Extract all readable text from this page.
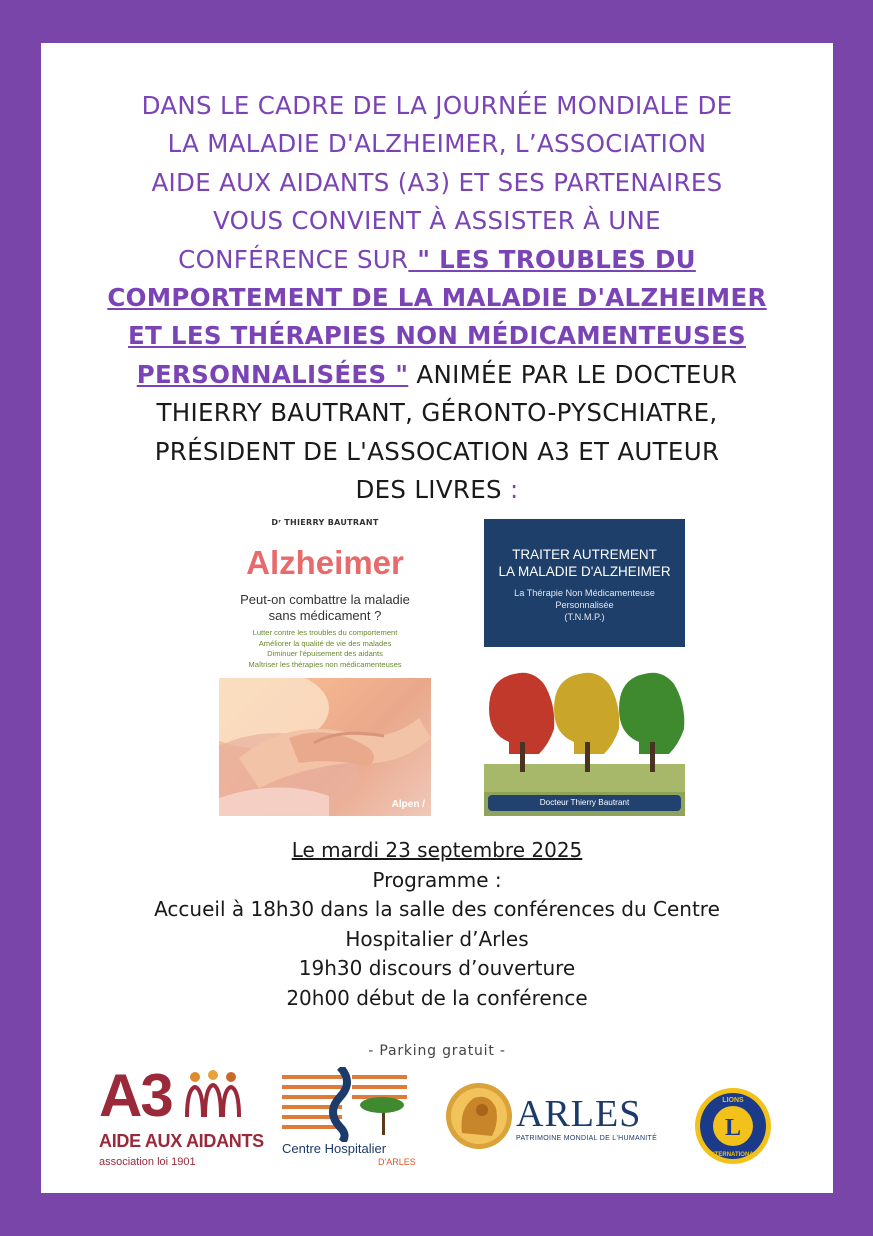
DANS LE CADRE DE LA JOURNÉE MONDIALE DE
LA MALADIE D'ALZHEIMER, L’ASSOCIATION
AIDE AUX AIDANTS (A3) ET SES PARTENAIRES
VOUS CONVIENT À ASSISTER À UNE
CONFÉRENCE SUR " LES TROUBLES DU
COMPORTEMENT DE LA MALADIE D'ALZHEIMER
ET LES THÉRAPIES NON MÉDICAMENTEUSES
PERSONNALISÉES " ANIMÉE PAR LE DOCTEUR
THIERRY BAUTRANT, GÉRONTO-PYSCHIATRE,
PRÉSIDENT DE L'ASSOCATION A3 ET AUTEUR
DES LIVRES :
Dʳ THIERRY BAUTRANT
Alzheimer
Peut-on combattre la maladie
sans médicament ?
Lutter contre les troubles du comportement
Améliorer la qualité de vie des malades
Diminuer l'épuisement des aidants
Maîtriser les thérapies non médicamenteuses
Alpen /
TRAITER AUTREMENT
LA MALADIE D'ALZHEIMER
La Thérapie Non Médicamenteuse
Personnalisée
(T.N.M.P.)
Docteur Thierry Bautrant
Le mardi 23 septembre 2025
Programme :
Accueil à 18h30 dans la salle des conférences du Centre
Hospitalier d’Arles
19h30 discours d’ouverture
20h00 début de la conférence
- Parking gratuit -
A3
AIDE AUX AIDANTS
association loi 1901
Centre Hospitalier
D'ARLES
ARLES
PATRIMOINE MONDIAL DE L'HUMANITÉ	L
LIONS
INTERNATIONAL
